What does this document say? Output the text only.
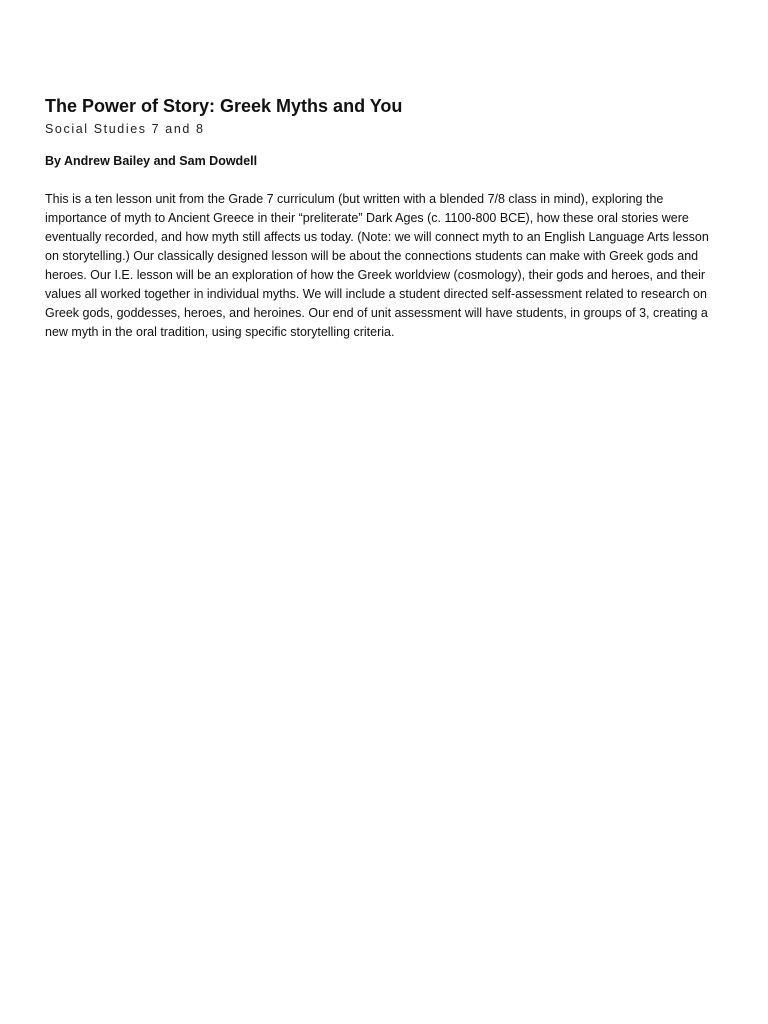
The Power of Story: Greek Myths and You
Social Studies 7 and 8
By Andrew Bailey and Sam Dowdell

This is a ten lesson unit from the Grade 7 curriculum (but written with a blended 7/8 class in mind), exploring the importance of myth to Ancient Greece in their “preliterate” Dark Ages (c. 1100-800 BCE), how these oral stories were eventually recorded, and how myth still affects us today. (Note: we will connect myth to an English Language Arts lesson on storytelling.) Our classically designed lesson will be about the connections students can make with Greek gods and heroes. Our I.E. lesson will be an exploration of how the Greek worldview (cosmology), their gods and heroes, and their values all worked together in individual myths. We will include a student directed self-assessment related to research on Greek gods, goddesses, heroes, and heroines. Our end of unit assessment will have students, in groups of 3, creating a new myth in the oral tradition, using specific storytelling criteria.
